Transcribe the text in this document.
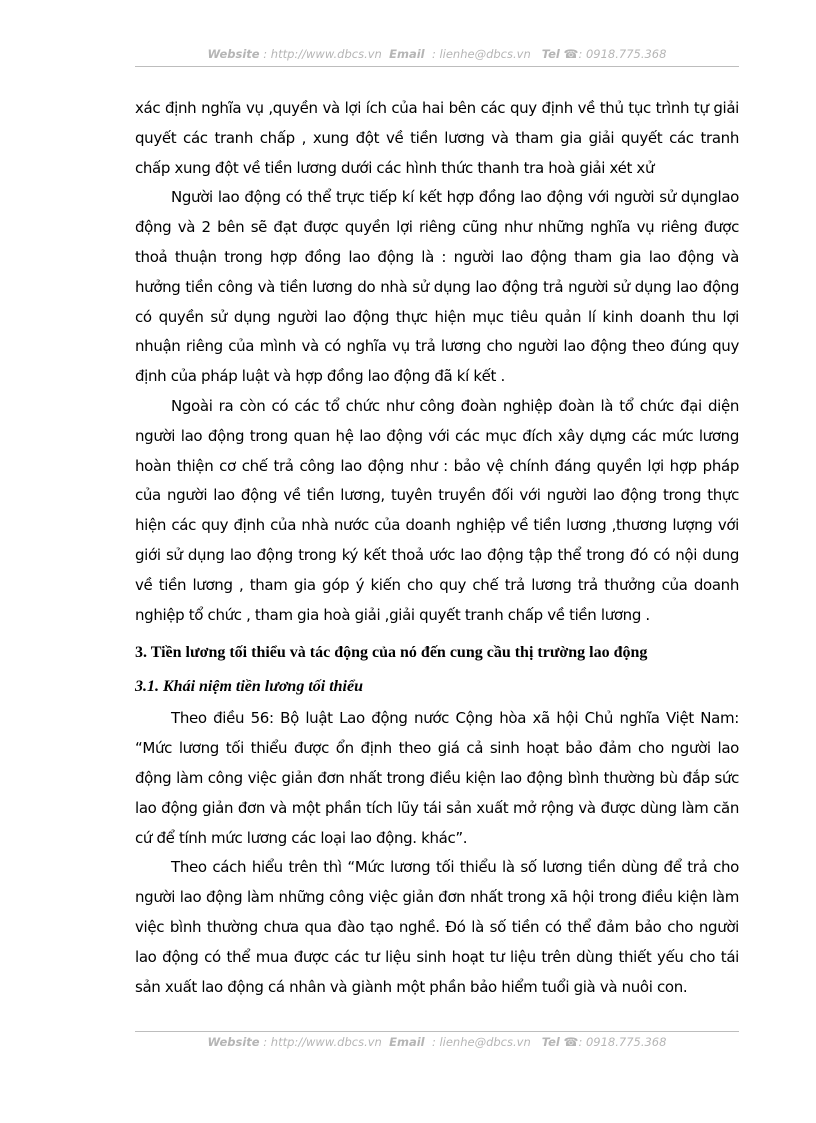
Website : http://www.dbcs.vn Email : lienhe@dbcs.vn Tel ☎: 0918.775.368

xác định nghĩa vụ ,quyền và lợi ích của hai bên các quy định về thủ tục trình tự giải quyết các tranh chấp , xung đột về tiền lương và tham gia giải quyết các tranh chấp xung đột về tiền lương dưới các hình thức thanh tra hoà giải xét xử

Người lao động có thể trực tiếp kí kết hợp đồng lao động với người sử dụnglao động và 2 bên sẽ đạt được quyền lợi riêng cũng như những nghĩa vụ riêng được thoả thuận trong hợp đồng lao động là : người lao động tham gia lao động và hưởng tiền công và tiền lương do nhà sử dụng lao động trả người sử dụng lao động có quyền sử dụng người lao động thực hiện mục tiêu quản lí kinh doanh thu lợi nhuận riêng của mình và có nghĩa vụ trả lương cho người lao động theo đúng quy định của pháp luật và hợp đồng lao động đã kí kết .

Ngoài ra còn có các tổ chức như công đoàn nghiệp đoàn là tổ chức đại diện người lao động trong quan hệ lao động với các mục đích xây dựng các mức lương hoàn thiện cơ chế trả công lao động như : bảo vệ chính đáng quyền lợi hợp pháp của người lao động về tiền lương, tuyên truyền đối với người lao động trong thực hiện các quy định của nhà nước của doanh nghiệp về tiền lương ,thương lượng với giới sử dụng lao động trong ký kết thoả ước lao động tập thể trong đó có nội dung về tiền lương , tham gia góp ý kiến cho quy chế trả lương trả thưởng của doanh nghiệp tổ chức , tham gia hoà giải ,giải quyết tranh chấp về tiền lương .

3. Tiền lương tối thiểu và tác động của nó đến cung cầu thị trường lao động

3.1. Khái niệm tiền lương tối thiểu

Theo điều 56: Bộ luật Lao động nước Cộng hòa xã hội Chủ nghĩa Việt Nam: “Mức lương tối thiểu được ổn định theo giá cả sinh hoạt bảo đảm cho người lao động làm công việc giản đơn nhất trong điều kiện lao động bình thường bù đắp sức lao động giản đơn và một phần tích lũy tái sản xuất mở rộng và được dùng làm căn cứ để tính mức lương các loại lao động. khác”.

Theo cách hiểu trên thì “Mức lương tối thiểu là số lương tiền dùng để trả cho người lao động làm những công việc giản đơn nhất trong xã hội trong điều kiện làm việc bình thường chưa qua đào tạo nghề. Đó là số tiền có thể đảm bảo cho người lao động có thể mua được các tư liệu sinh hoạt tư liệu trên dùng thiết yếu cho tái sản xuất lao động cá nhân và giành một phần bảo hiểm tuổi già và nuôi con.

Website : http://www.dbcs.vn Email : lienhe@dbcs.vn Tel ☎: 0918.775.368
